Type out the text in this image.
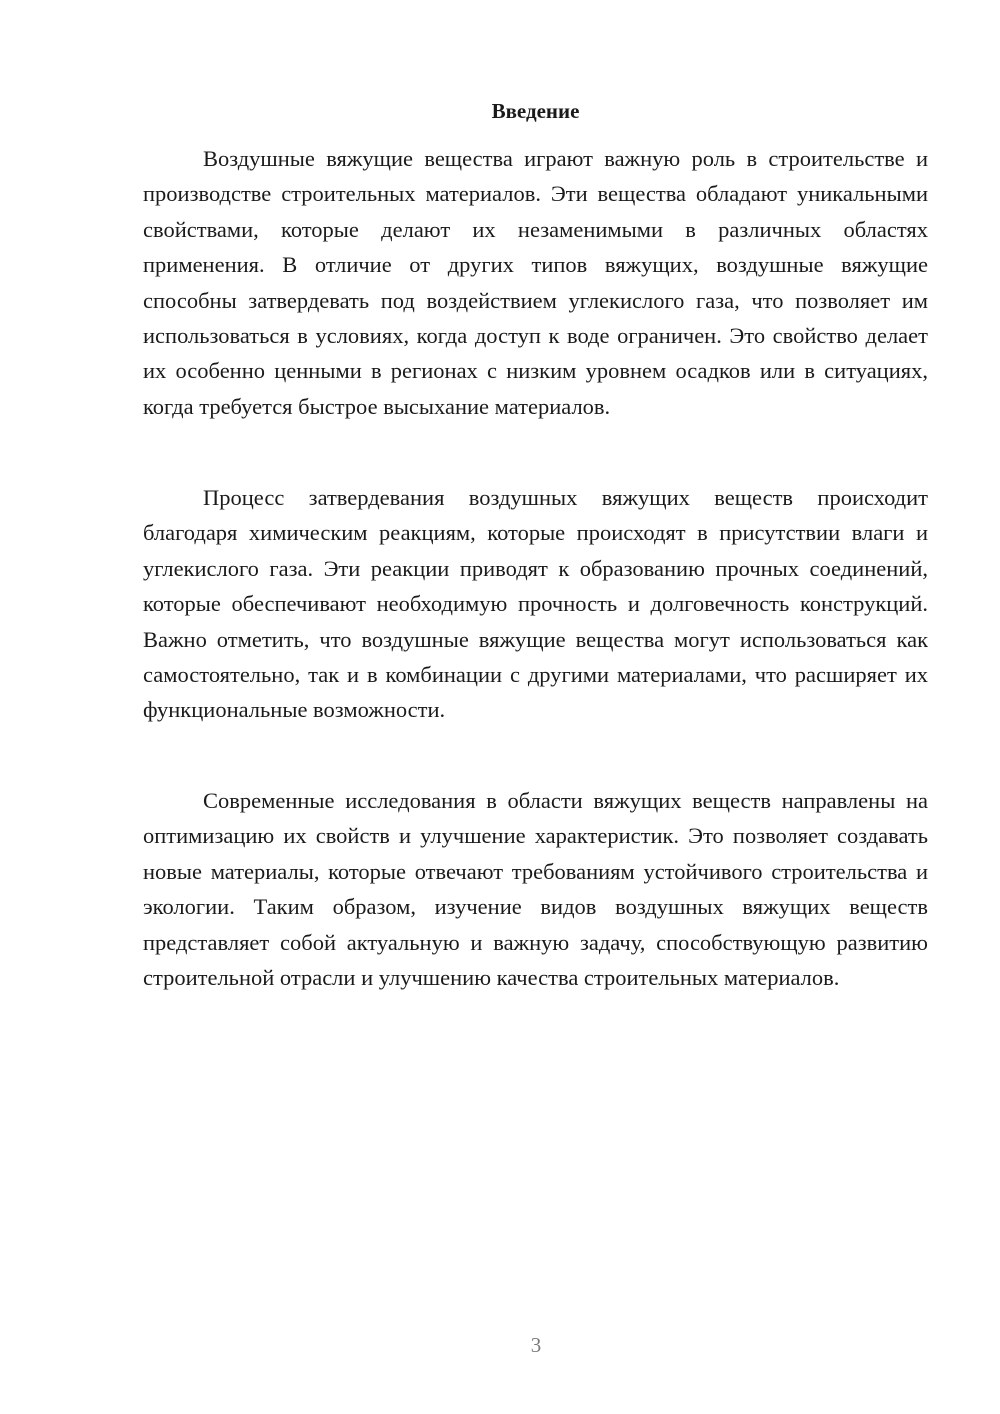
Введение

Воздушные вяжущие вещества играют важную роль в строительстве и производстве строительных материалов. Эти вещества обладают уникальными свойствами, которые делают их незаменимыми в различных областях применения. В отличие от других типов вяжущих, воздушные вяжущие способны затвердевать под воздействием углекислого газа, что позволяет им использоваться в условиях, когда доступ к воде ограничен. Это свойство делает их особенно ценными в регионах с низким уровнем осадков или в ситуациях, когда требуется быстрое высыхание материалов.

Процесс затвердевания воздушных вяжущих веществ происходит благодаря химическим реакциям, которые происходят в присутствии влаги и углекислого газа. Эти реакции приводят к образованию прочных соединений, которые обеспечивают необходимую прочность и долговечность конструкций. Важно отметить, что воздушные вяжущие вещества могут использоваться как самостоятельно, так и в комбинации с другими материалами, что расширяет их функциональные возможности.

Современные исследования в области вяжущих веществ направлены на оптимизацию их свойств и улучшение характеристик. Это позволяет создавать новые материалы, которые отвечают требованиям устойчивого строительства и экологии. Таким образом, изучение видов воздушных вяжущих веществ представляет собой актуальную и важную задачу, способствующую развитию строительной отрасли и улучшению качества строительных материалов.

3
